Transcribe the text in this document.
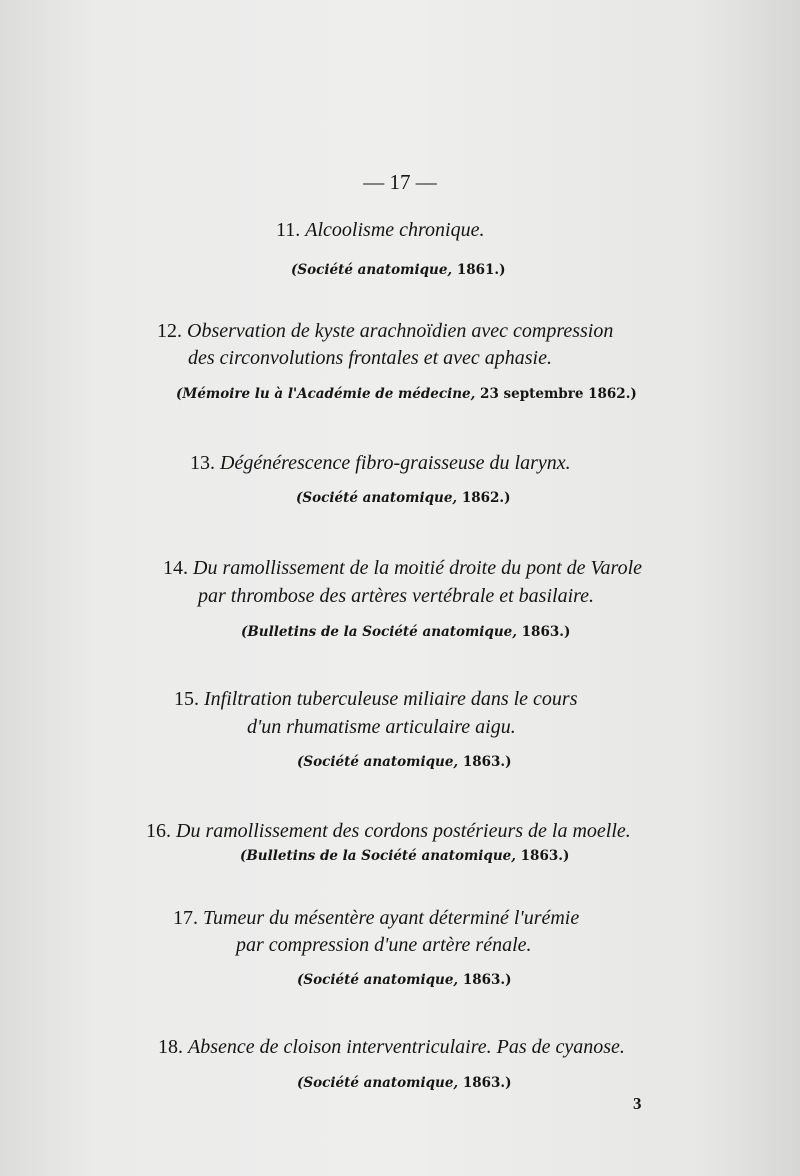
— 17 —
11. Alcoolisme chronique.
(Société anatomique, 1861.)
12. Observation de kyste arachnoïdien avec compression
des circonvolutions frontales et avec aphasie.
(Mémoire lu à l'Académie de médecine, 23 septembre 1862.)
13. Dégénérescence fibro-graisseuse du larynx.
(Société anatomique, 1862.)
14. Du ramollissement de la moitié droite du pont de Varole
par thrombose des artères vertébrale et basilaire.
(Bulletins de la Société anatomique, 1863.)
15. Infiltration tuberculeuse miliaire dans le cours
d'un rhumatisme articulaire aigu.
(Société anatomique, 1863.)
16. Du ramollissement des cordons postérieurs de la moelle.
(Bulletins de la Société anatomique, 1863.)
17. Tumeur du mésentère ayant déterminé l'urémie
par compression d'une artère rénale.
(Société anatomique, 1863.)
18. Absence de cloison interventriculaire. Pas de cyanose.
(Société anatomique, 1863.)
3
